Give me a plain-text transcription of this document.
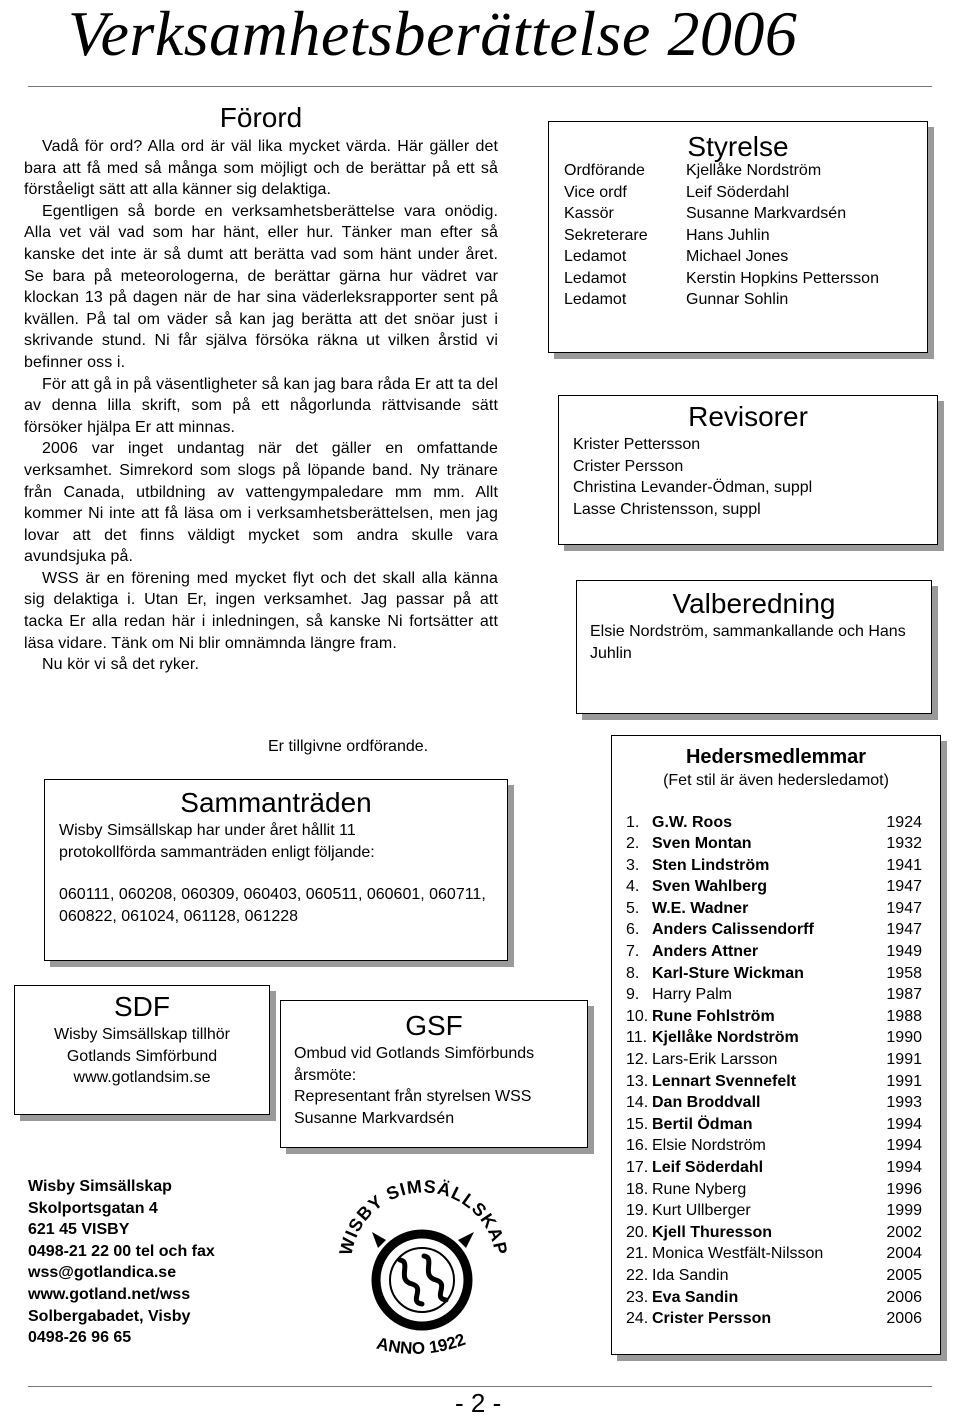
Verksamhetsberättelse 2006
Förord

Vadå för ord? Alla ord är väl lika mycket värda. Här gäller det bara att få med så många som möjligt och de berättar på ett så förståeligt sätt att alla känner sig delaktiga.

Egentligen så borde en verksamhetsberättelse vara onödig. Alla vet väl vad som har hänt, eller hur. Tänker man efter så kanske det inte är så dumt att berätta vad som hänt under året. Se bara på meteorologerna, de berättar gärna hur vädret var klockan 13 på dagen när de har sina väderleksrapporter sent på kvällen. På tal om väder så kan jag berätta att det snöar just i skrivande stund. Ni får själva försöka räkna ut vilken årstid vi befinner oss i.

För att gå in på väsentligheter så kan jag bara råda Er att ta del av denna lilla skrift, som på ett någorlunda rättvisande sätt försöker hjälpa Er att minnas.

2006 var inget undantag när det gäller en omfattande verksamhet. Simrekord som slogs på löpande band. Ny tränare från Canada, utbildning av vattengympaledare mm mm. Allt kommer Ni inte att få läsa om i verksamhetsberättelsen, men jag lovar att det finns väldigt mycket som andra skulle vara avundsjuka på.

WSS är en förening med mycket flyt och det skall alla känna sig delaktiga i. Utan Er, ingen verksamhet. Jag passar på att tacka Er alla redan här i inledningen, så kanske Ni fortsätter att läsa vidare. Tänk om Ni blir omnämnda längre fram.

Nu kör vi så det ryker.

Er tillgivne ordförande.
Styrelse
Ordförande	Kjellåke Nordström
Vice ordf	Leif Söderdahl
Kassör	Susanne Markvardsén
Sekreterare	Hans Juhlin
Ledamot	Michael Jones
Ledamot	Kerstin Hopkins Pettersson
Ledamot	Gunnar Sohlin
Revisorer
Krister Pettersson
Crister Persson
Christina Levander-Ödman, suppl
Lasse Christensson, suppl
Valberedning
Elsie Nordström, sammankallande och Hans Juhlin
Sammanträden
Wisby Simsällskap har under året hållit 11 protokollförda sammanträden enligt följande:
060111, 060208, 060309, 060403, 060511, 060601, 060711, 060822, 061024, 061128, 061228
SDF
Wisby Simsällskap tillhör
Gotlands Simförbund
www.gotlandsim.se
GSF
Ombud vid Gotlands Simförbunds
årsmöte:
Representant från styrelsen WSS
Susanne Markvardsén
Hedersmedlemmar
(Fet stil är även hedersledamot)
1.	G.W. Roos	1924
2.	Sven Montan	1932
3.	Sten Lindström	1941
4.	Sven Wahlberg	1947
5.	W.E. Wadner	1947
6.	Anders Calissendorff	1947
7.	Anders Attner	1949
8.	Karl-Sture Wickman	1958
9.	Harry Palm	1987
10.	Rune Fohlström	1988
11.	Kjellåke Nordström	1990
12.	Lars-Erik Larsson	1991
13.	Lennart Svennefelt	1991
14.	Dan Broddvall	1993
15.	Bertil Ödman	1994
16.	Elsie Nordström	1994
17.	Leif Söderdahl	1994
18.	Rune Nyberg	1996
19.	Kurt Ullberger	1999
20.	Kjell Thuresson	2002
21.	Monica Westfält-Nilsson	2004
22.	Ida Sandin	2005
23.	Eva Sandin	2006
24.	Crister Persson	2006
Wisby Simsällskap
Skolportsgatan 4
621 45 VISBY
0498-21 22 00 tel och fax
wss@gotlandica.se
www.gotland.net/wss
Solbergabadet, Visby
0498-26 96 65
WISBY SIMSÄLLSKAP
ANNO 1922
- 2 -
